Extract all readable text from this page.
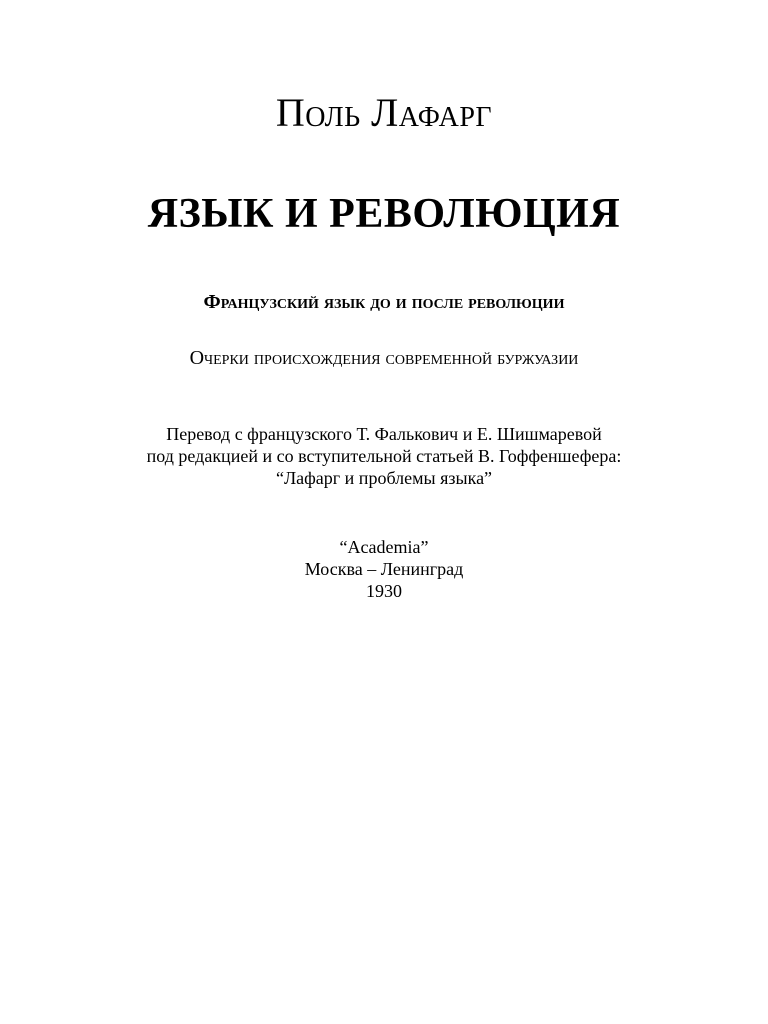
Поль Лафарг
ЯЗЫК И РЕВОЛЮЦИЯ
Французский язык до и после революции
Очерки происхождения современной буржуазии
Перевод с французского Т. Фалькович и Е. Шишмаревой
под редакцией и со вступительной статьей В. Гоффеншефера:
“Лафарг и проблемы языка”
“Academia”
Москва – Ленинград
1930
